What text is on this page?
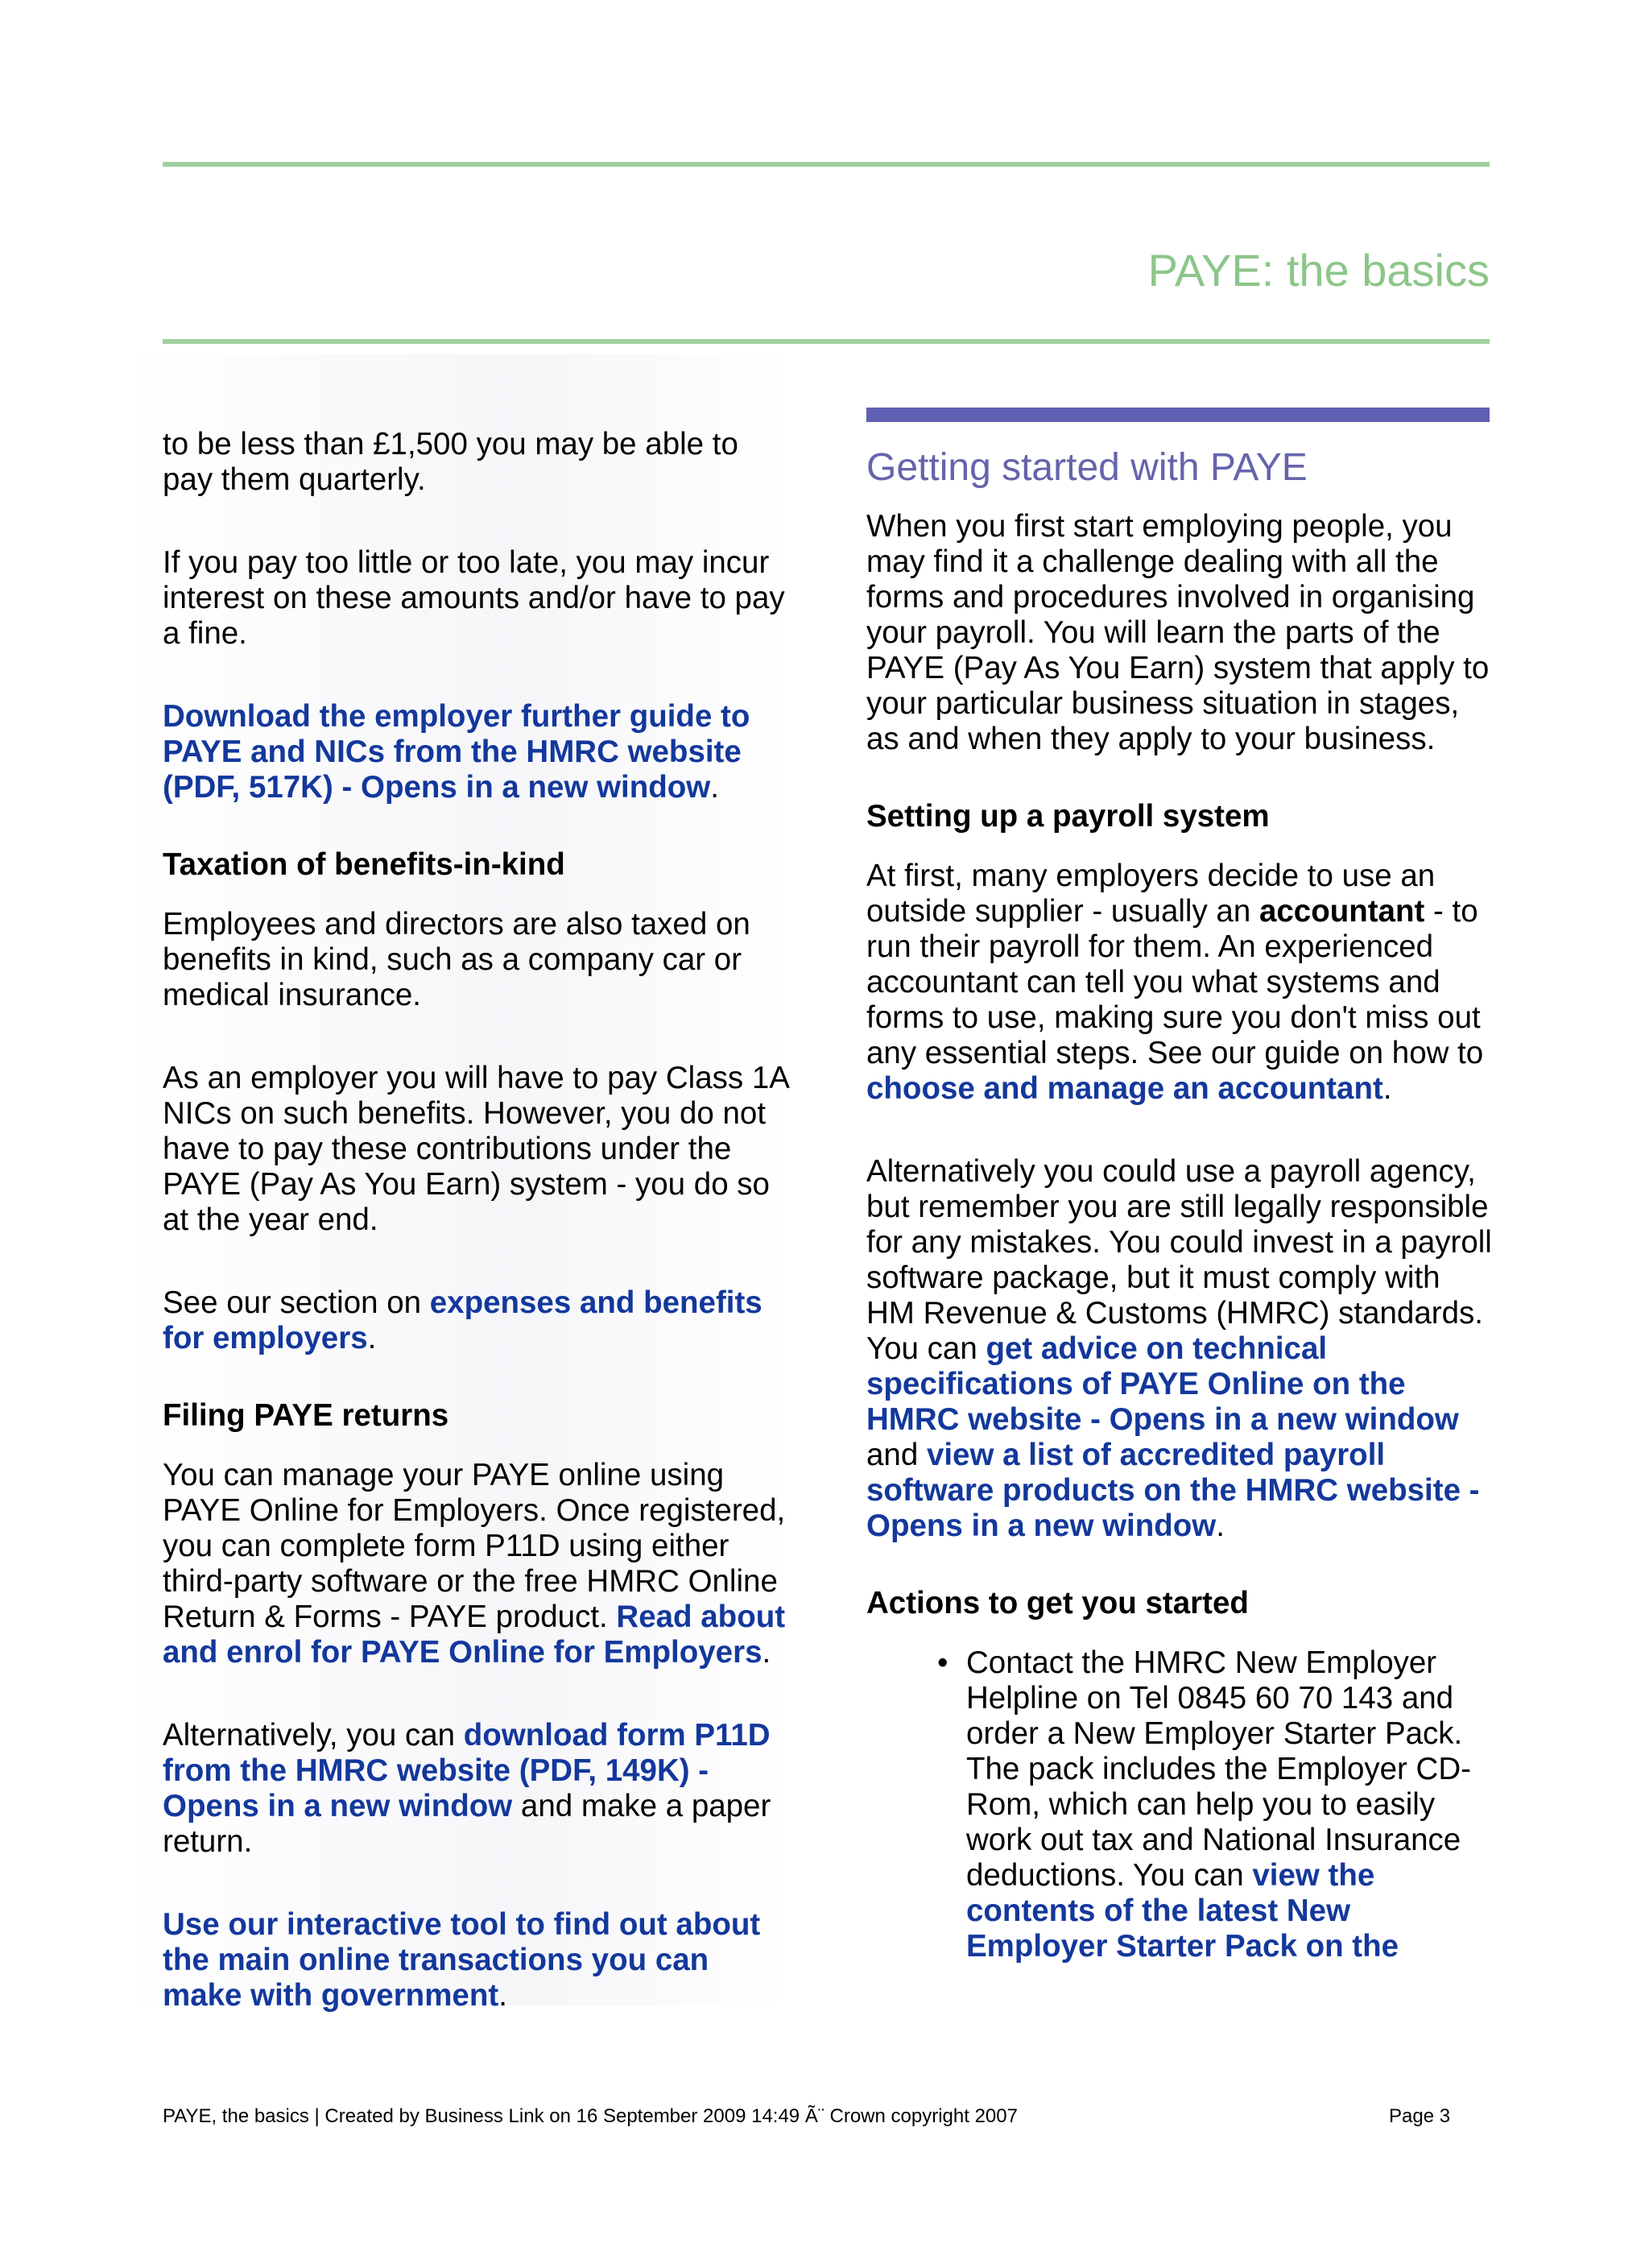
PAYE: the basics

to be less than £1,500 you may be able to pay them quarterly.

If you pay too little or too late, you may incur interest on these amounts and/or have to pay a fine.

Download the employer further guide to PAYE and NICs from the HMRC website (PDF, 517K) - Opens in a new window.

Taxation of benefits-in-kind

Employees and directors are also taxed on benefits in kind, such as a company car or medical insurance.

As an employer you will have to pay Class 1A NICs on such benefits. However, you do not have to pay these contributions under the PAYE (Pay As You Earn) system - you do so at the year end.

See our section on expenses and benefits for employers.

Filing PAYE returns

You can manage your PAYE online using PAYE Online for Employers. Once registered, you can complete form P11D using either third-party software or the free HMRC Online Return & Forms - PAYE product. Read about and enrol for PAYE Online for Employers.

Alternatively, you can download form P11D from the HMRC website (PDF, 149K) - Opens in a new window and make a paper return.

Use our interactive tool to find out about the main online transactions you can make with government.

Getting started with PAYE

When you first start employing people, you may find it a challenge dealing with all the forms and procedures involved in organising your payroll. You will learn the parts of the PAYE (Pay As You Earn) system that apply to your particular business situation in stages, as and when they apply to your business.

Setting up a payroll system

At first, many employers decide to use an outside supplier - usually an accountant - to run their payroll for them. An experienced accountant can tell you what systems and forms to use, making sure you don't miss out any essential steps. See our guide on how to choose and manage an accountant.

Alternatively you could use a payroll agency, but remember you are still legally responsible for any mistakes. You could invest in a payroll software package, but it must comply with HM Revenue & Customs (HMRC) standards. You can get advice on technical specifications of PAYE Online on the HMRC website - Opens in a new window and view a list of accredited payroll software products on the HMRC website - Opens in a new window.

Actions to get you started
• Contact the HMRC New Employer Helpline on Tel 0845 60 70 143 and order a New Employer Starter Pack. The pack includes the Employer CD-Rom, which can help you to easily work out tax and National Insurance deductions. You can view the contents of the latest New Employer Starter Pack on the
PAYE, the basics | Created by Business Link on 16 September 2009 14:49 Ã¨ Crown copyright 2007	Page 3
